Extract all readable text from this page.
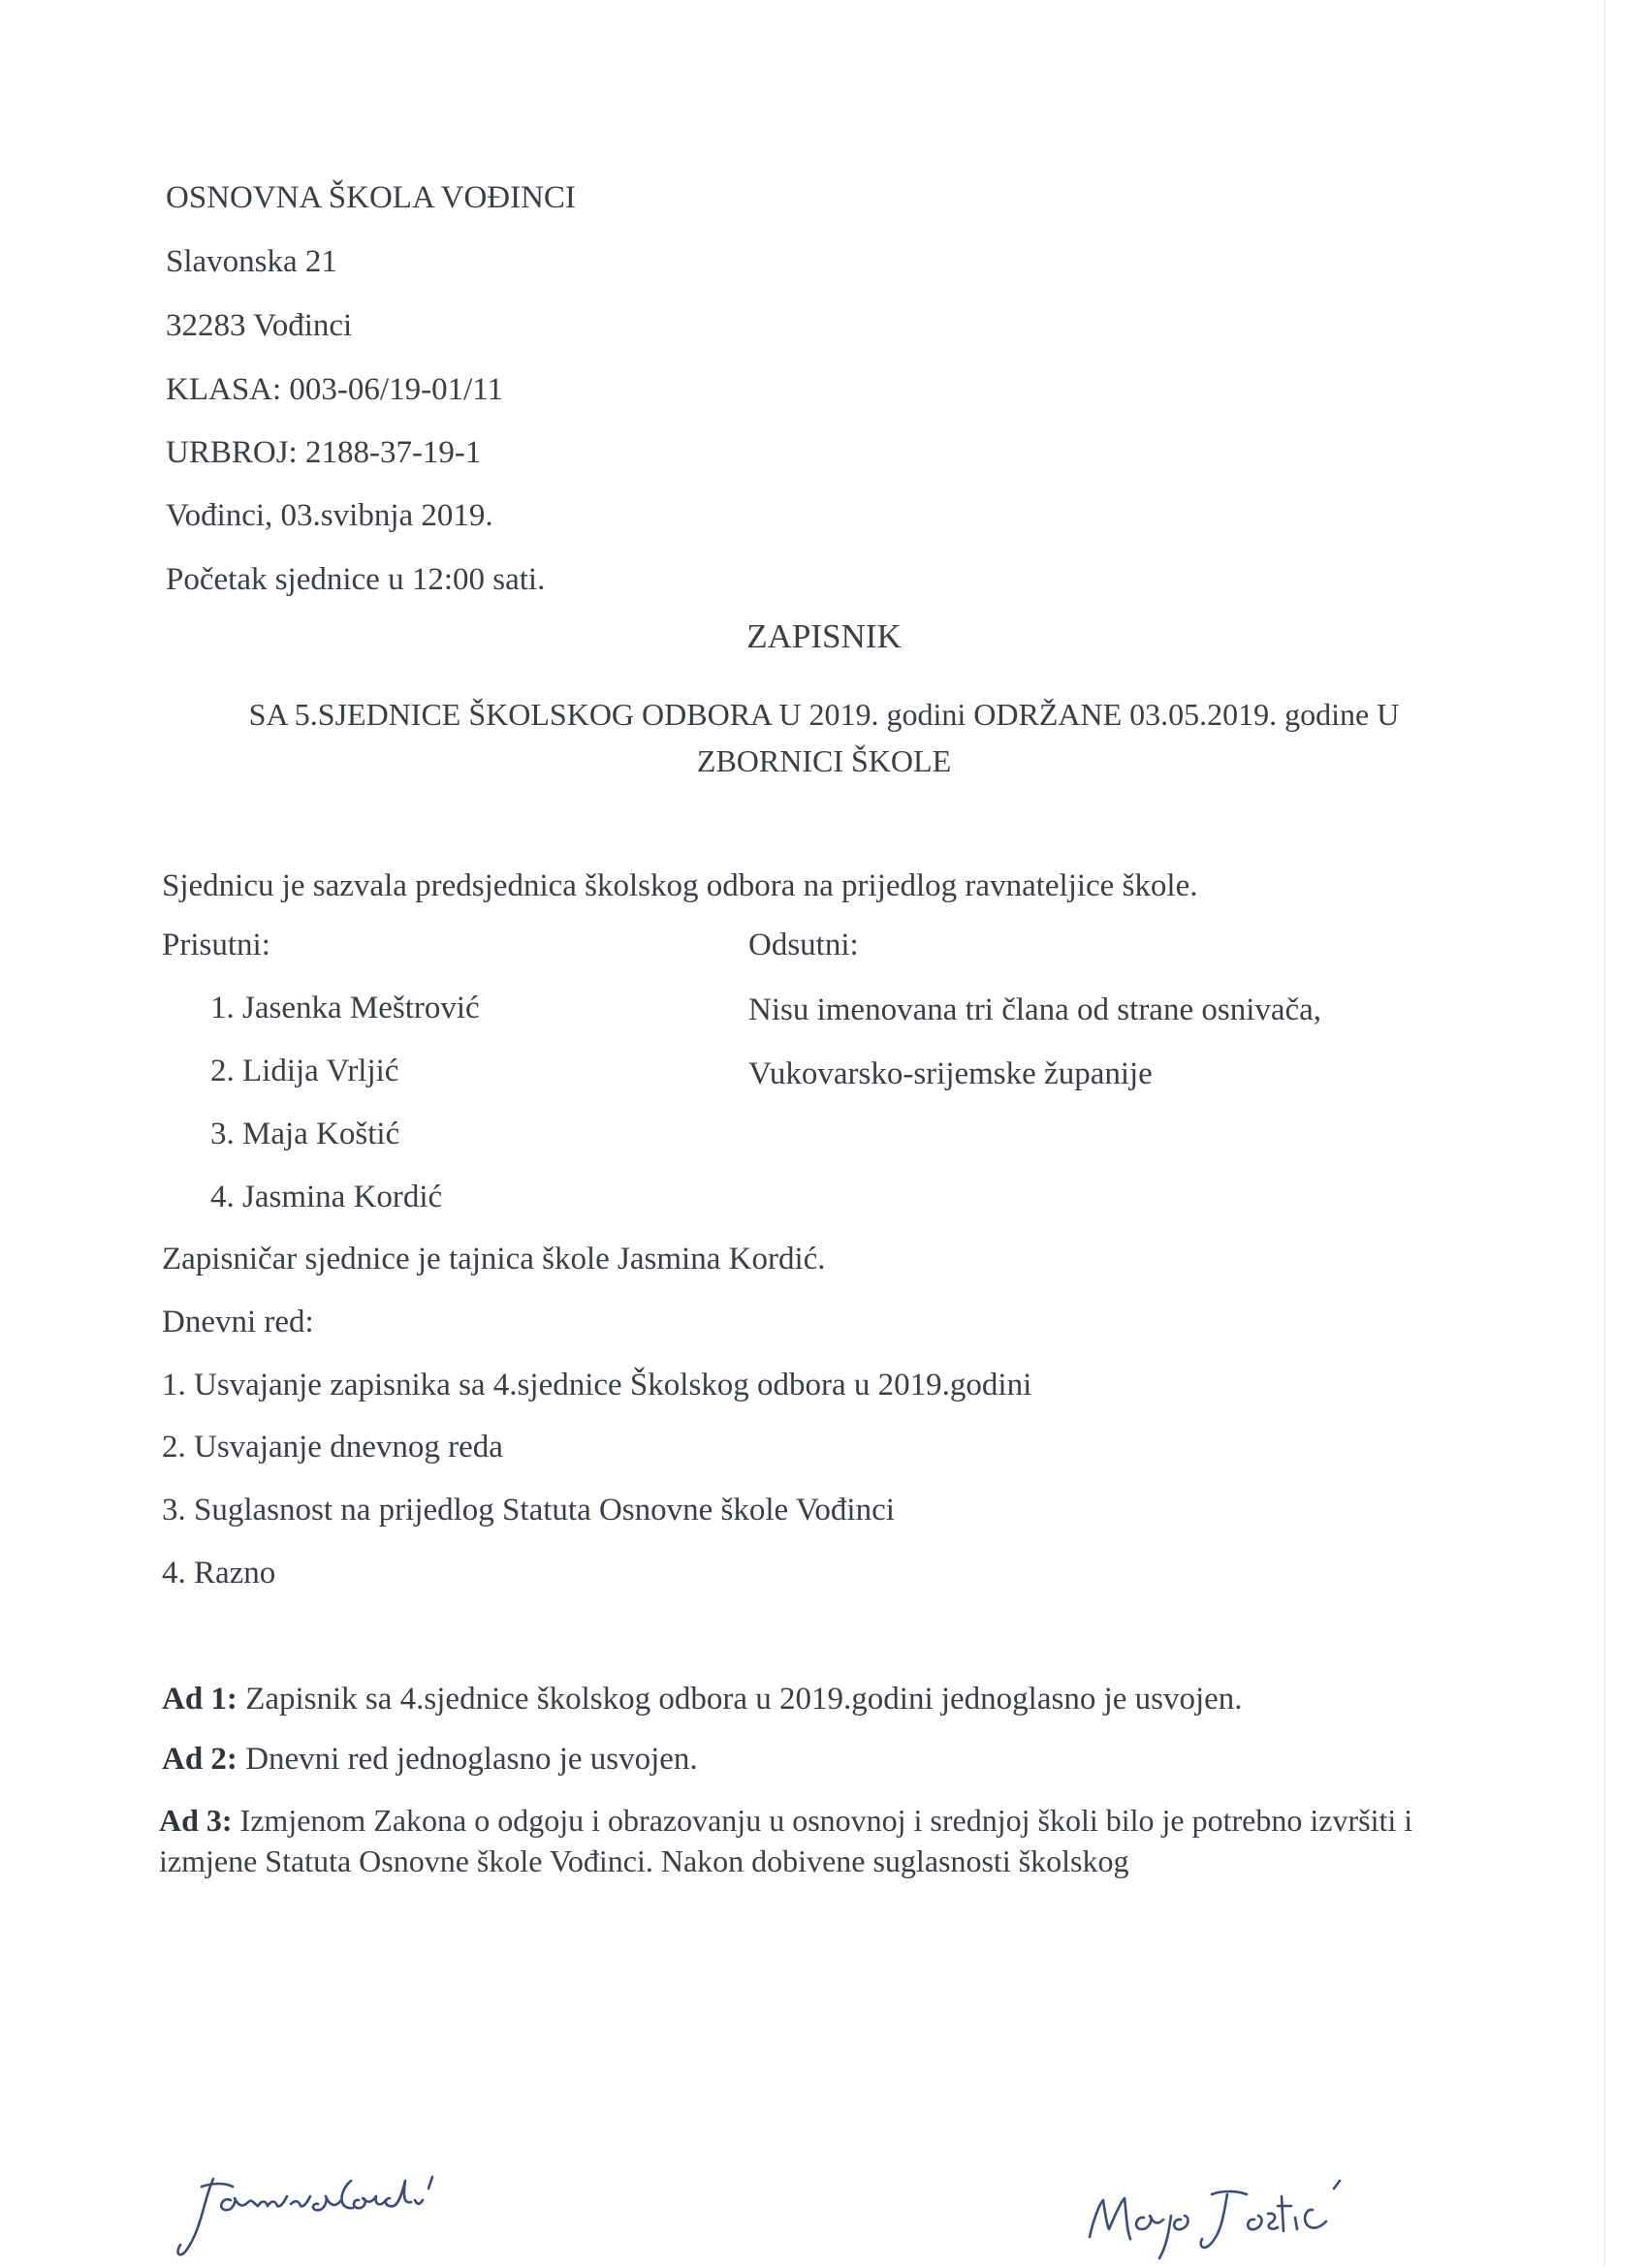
OSNOVNA ŠKOLA VOĐINCI
Slavonska 21
32283 Vođinci
KLASA: 003-06/19-01/11
URBROJ: 2188-37-19-1
Vođinci, 03.svibnja 2019.
Početak sjednice u 12:00 sati.
ZAPISNIK
SA 5.SJEDNICE ŠKOLSKOG ODBORA U 2019. godini ODRŽANE 03.05.2019. godine U ZBORNICI ŠKOLE
Sjednicu je sazvala predsjednica školskog odbora na prijedlog ravnateljice škole.
Prisutni:	Odsutni:
1. Jasenka Meštrović
2. Lidija Vrljić
3. Maja Koštić
4. Jasmina Kordić
Nisu imenovana tri člana od strane osnivača,
Vukovarsko-srijemske županije
Zapisničar sjednice je tajnica škole Jasmina Kordić.
Dnevni red:
1. Usvajanje zapisnika sa 4.sjednice Školskog odbora u 2019.godini
2. Usvajanje dnevnog reda
3. Suglasnost na prijedlog Statuta Osnovne škole Vođinci
4. Razno
Ad 1: Zapisnik sa 4.sjednice školskog odbora u 2019.godini jednoglasno je usvojen.
Ad 2: Dnevni red jednoglasno je usvojen.
Ad 3: Izmjenom Zakona o odgoju i obrazovanju u osnovnoj i srednjoj školi bilo je potrebno izvršiti i izmjene Statuta Osnovne škole Vođinci. Nakon dobivene suglasnosti školskog
